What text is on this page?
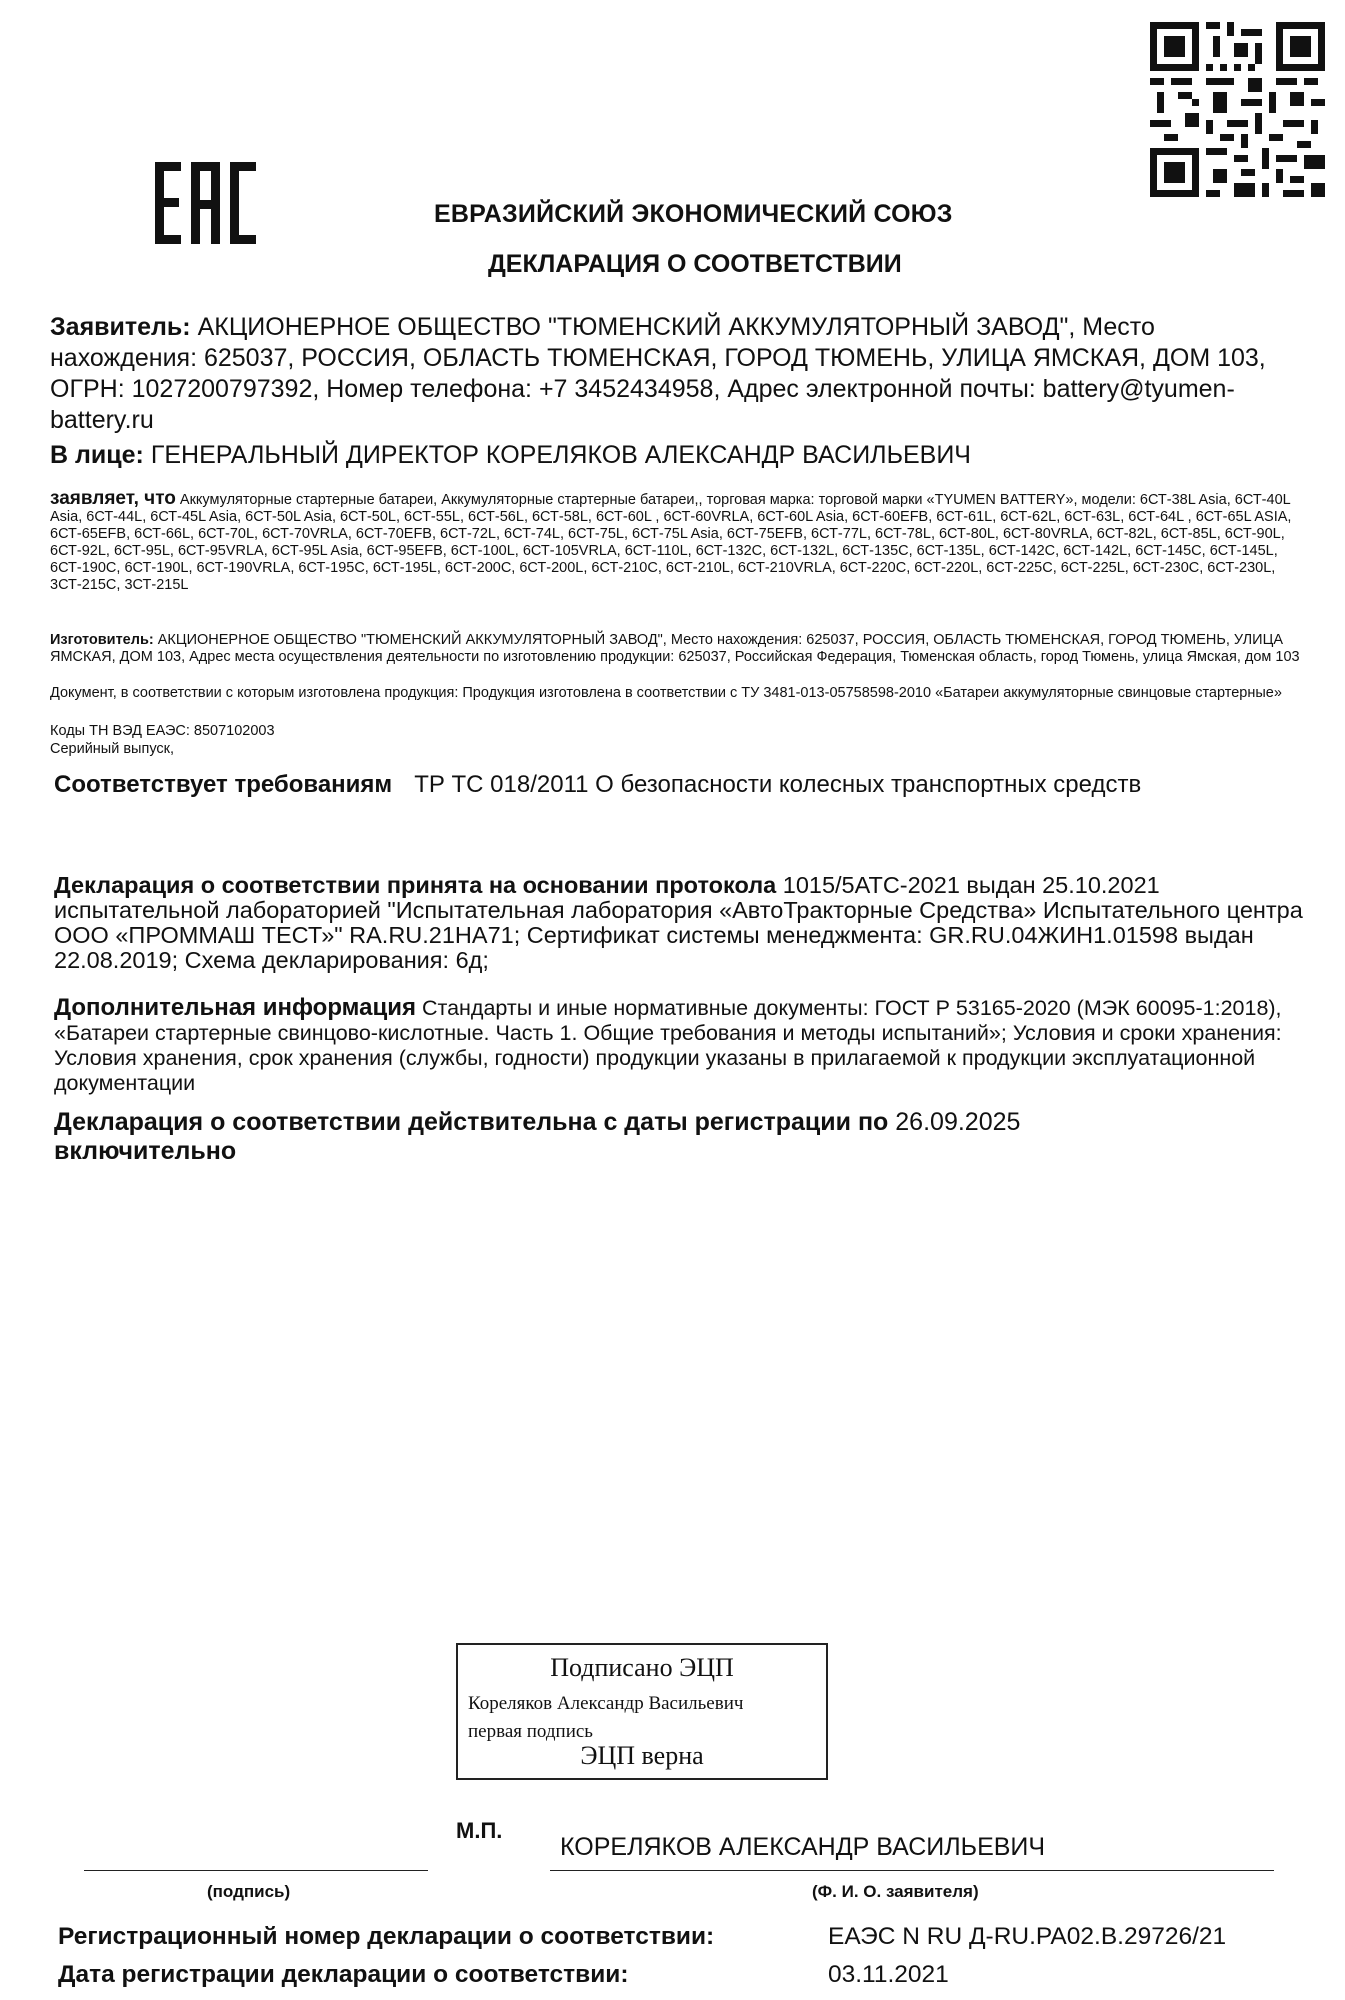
ЕВРАЗИЙСКИЙ ЭКОНОМИЧЕСКИЙ СОЮЗ
ДЕКЛАРАЦИЯ О СООТВЕТСТВИИ
Заявитель: АКЦИОНЕРНОЕ ОБЩЕСТВО "ТЮМЕНСКИЙ АККУМУЛЯТОРНЫЙ ЗАВОД", Место нахождения: 625037, РОССИЯ, ОБЛАСТЬ ТЮМЕНСКАЯ, ГОРОД ТЮМЕНЬ, УЛИЦА ЯМСКАЯ, ДОМ 103, ОГРН: 1027200797392, Номер телефона: +7 3452434958, Адрес электронной почты: battery@tyumen-battery.ru
В лице: ГЕНЕРАЛЬНЫЙ ДИРЕКТОР КОРЕЛЯКОВ АЛЕКСАНДР ВАСИЛЬЕВИЧ
заявляет, что Аккумуляторные стартерные батареи, Аккумуляторные стартерные батареи,, торговая марка: торговой марки «TYUMEN BATTERY», модели: 6СТ-38L Asia, 6СТ-40L Asia, 6СТ-44L, 6СТ-45L Asia, 6СТ-50L Asia, 6СТ-50L, 6СТ-55L, 6СТ-56L, 6СТ-58L, 6СТ-60L , 6СТ-60VRLA, 6СТ-60L Asia, 6СТ-60EFB, 6СТ-61L, 6СТ-62L, 6СТ-63L, 6СТ-64L , 6СТ-65L ASIA, 6СТ-65EFB, 6СТ-66L, 6СТ-70L, 6СТ-70VRLA, 6СТ-70EFB, 6СТ-72L, 6СТ-74L, 6СТ-75L, 6СТ-75L Asia, 6СТ-75EFB, 6СТ-77L, 6СТ-78L, 6СТ-80L, 6СТ-80VRLA, 6СТ-82L, 6СТ-85L, 6СТ-90L, 6СТ-92L, 6СТ-95L, 6СТ-95VRLA, 6СТ-95L Asia, 6СТ-95EFB, 6СТ-100L, 6СТ-105VRLA, 6СТ-110L, 6СТ-132С, 6СТ-132L, 6СТ-135С, 6СТ-135L, 6СТ-142С, 6СТ-142L, 6СТ-145С, 6СТ-145L, 6СТ-190С, 6СТ-190L, 6СТ-190VRLA, 6СТ-195С, 6СТ-195L, 6СТ-200С, 6СТ-200L, 6СТ-210С, 6СТ-210L, 6СТ-210VRLA, 6СТ-220С, 6СТ-220L, 6СТ-225С, 6СТ-225L, 6СТ-230С, 6СТ-230L, 3СТ-215С, 3СТ-215L
Изготовитель: АКЦИОНЕРНОЕ ОБЩЕСТВО "ТЮМЕНСКИЙ АККУМУЛЯТОРНЫЙ ЗАВОД", Место нахождения: 625037, РОССИЯ, ОБЛАСТЬ ТЮМЕНСКАЯ, ГОРОД ТЮМЕНЬ, УЛИЦА ЯМСКАЯ, ДОМ 103, Адрес места осуществления деятельности по изготовлению продукции: 625037, Российская Федерация, Тюменская область, город Тюмень, улица Ямская, дом 103
Документ, в соответствии с которым изготовлена продукция: Продукция изготовлена в соответствии с ТУ 3481-013-05758598-2010 «Батареи аккумуляторные свинцовые стартерные»
Коды ТН ВЭД ЕАЭС: 8507102003
Серийный выпуск,
Соответствует требованиям ТР ТС 018/2011 О безопасности колесных транспортных средств
Декларация о соответствии принята на основании протокола 1015/5АТС-2021 выдан 25.10.2021 испытательной лабораторией "Испытательная лаборатория «АвтоТракторные Средства» Испытательного центра ООО «ПРОММАШ ТЕСТ»" RA.RU.21НА71; Сертификат системы менеджмента: GR.RU.04ЖИН1.01598 выдан 22.08.2019; Схема декларирования: 6д;
Дополнительная информация Стандарты и иные нормативные документы: ГОСТ Р 53165-2020 (МЭК 60095-1:2018), «Батареи стартерные свинцово-кислотные. Часть 1. Общие требования и методы испытаний»; Условия и сроки хранения: Условия хранения, срок хранения (службы, годности) продукции указаны в прилагаемой к продукции эксплуатационной документации
Декларация о соответствии действительна с даты регистрации по 26.09.2025
включительно
Подписано ЭЦП
Кореляков Александр Васильевич
первая подпись
ЭЦП верна
М.П.
(подпись)
КОРЕЛЯКОВ АЛЕКСАНДР ВАСИЛЬЕВИЧ
(Ф. И. О. заявителя)
Регистрационный номер декларации о соответствии:	ЕАЭС N RU Д-RU.PA02.B.29726/21
Дата регистрации декларации о соответствии:	03.11.2021
